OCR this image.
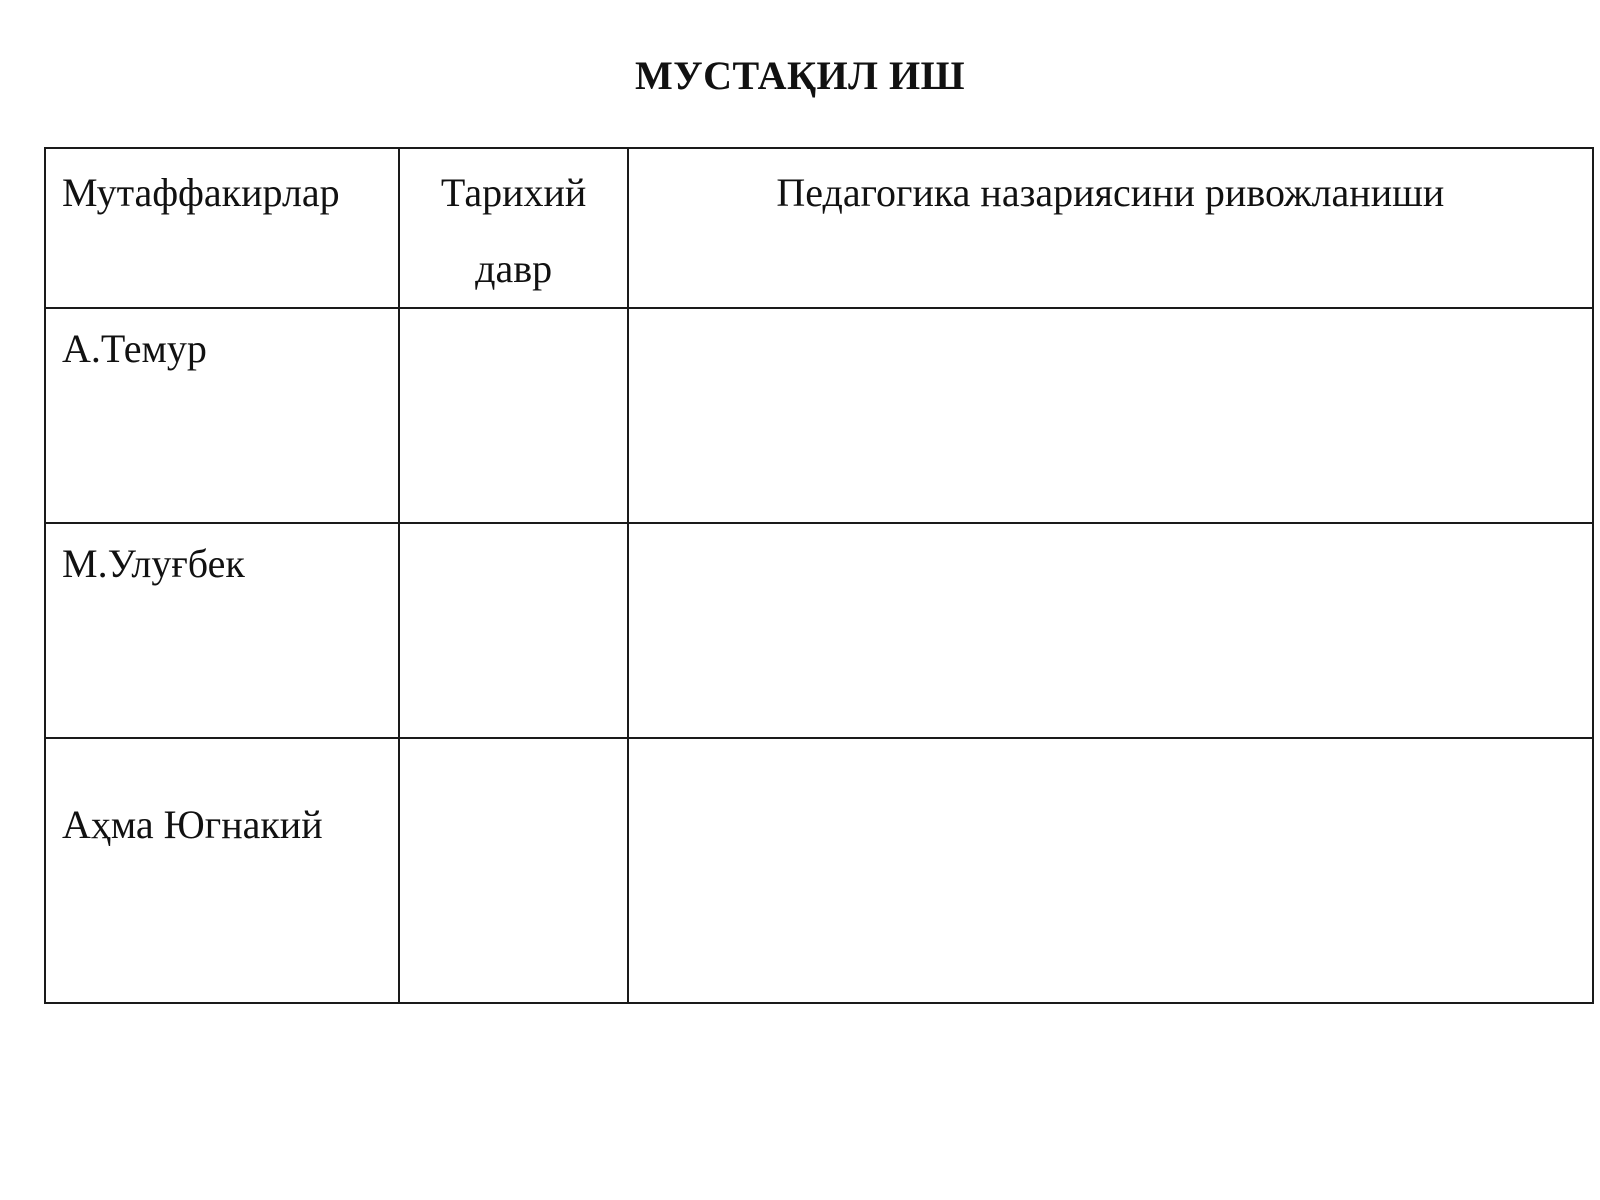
МУСТАҚИЛ ИШ
Мутаффакирлар	Тарихий давр	Педагогика назариясини ривожланиши

А.Темур		

М.Улуғбек		

Аҳма Югнакий		
